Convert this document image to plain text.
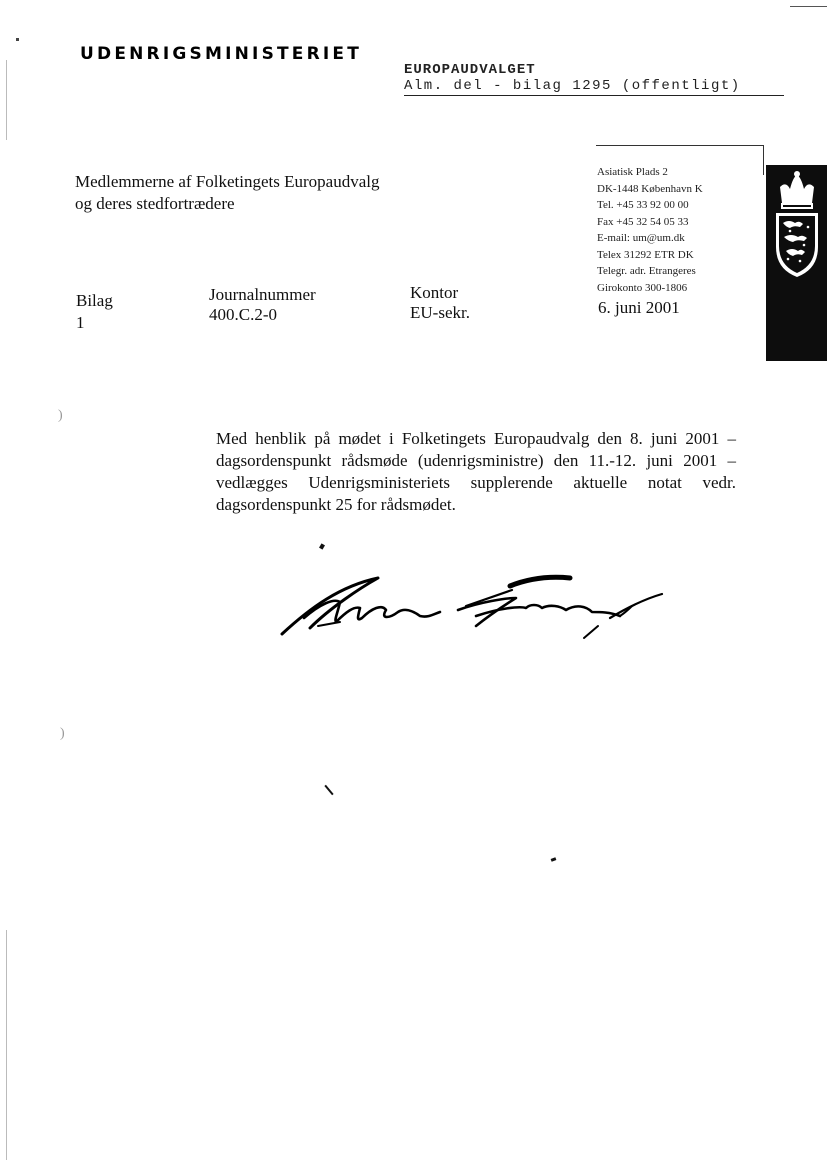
UDENRIGSMINISTERIET
EUROPAUDVALGET
Alm. del - bilag 1295 (offentligt)
Medlemmerne af Folketingets Europaudvalg
og deres stedfortrædere
Asiatisk Plads 2
DK-1448 København K
Tel. +45 33 92 00 00
Fax +45 32 54 05 33
E-mail: um@um.dk
Telex 31292 ETR DK
Telegr. adr. Etrangeres
Girokonto 300-1806
Bilag
1
Journalnummer
400.C.2-0
Kontor
EU-sekr.	6. juni 2001
Med henblik på mødet i Folketingets Europaudvalg den 8. juni 2001 – dagsordenspunkt rådsmøde (udenrigsministre) den 11.-12. juni 2001 – vedlægges Udenrigsministeriets supplerende aktuelle notat vedr. dagsordenspunkt 25 for rådsmødet.
)
)
